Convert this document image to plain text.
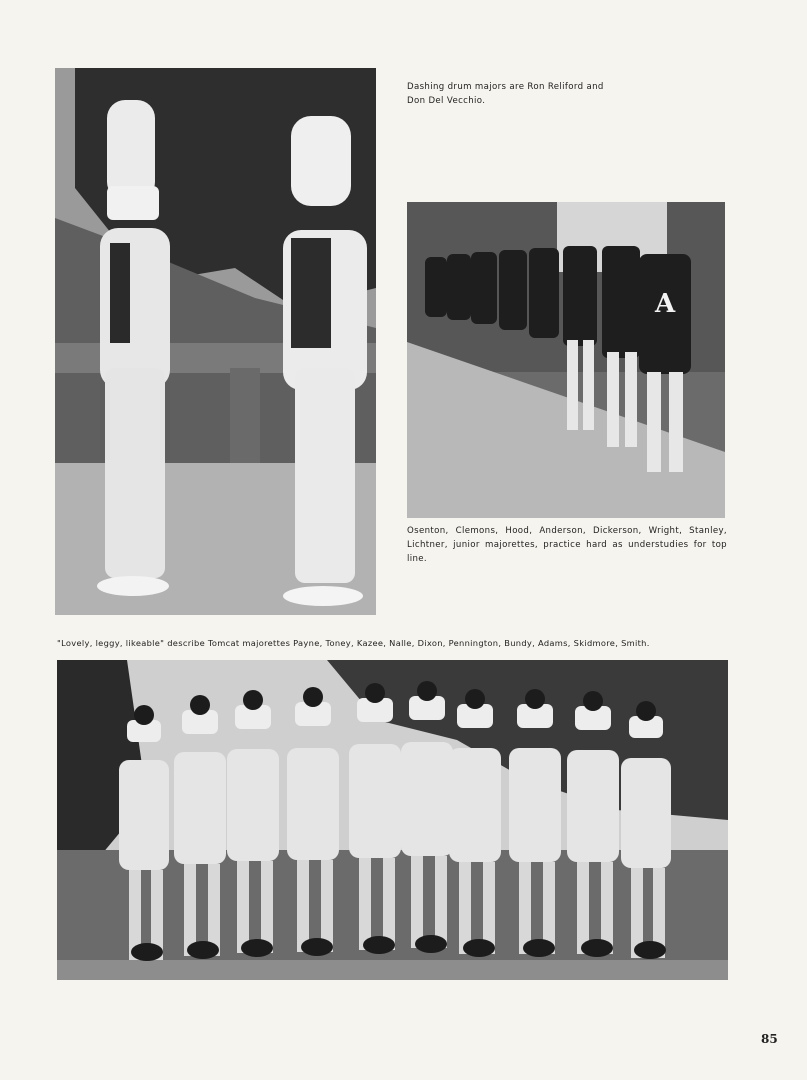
Dashing drum majors are Ron Reliford and Don Del Vecchio.
A
Osenton, Clemons, Hood, Anderson, Dickerson, Wright, Stanley, Lichtner, junior majorettes, practice hard as understudies for top line.
"Lovely, leggy, likeable" describe Tomcat majorettes Payne, Toney, Kazee, Nalle, Dixon, Pennington, Bundy, Adams, Skidmore, Smith.
85
